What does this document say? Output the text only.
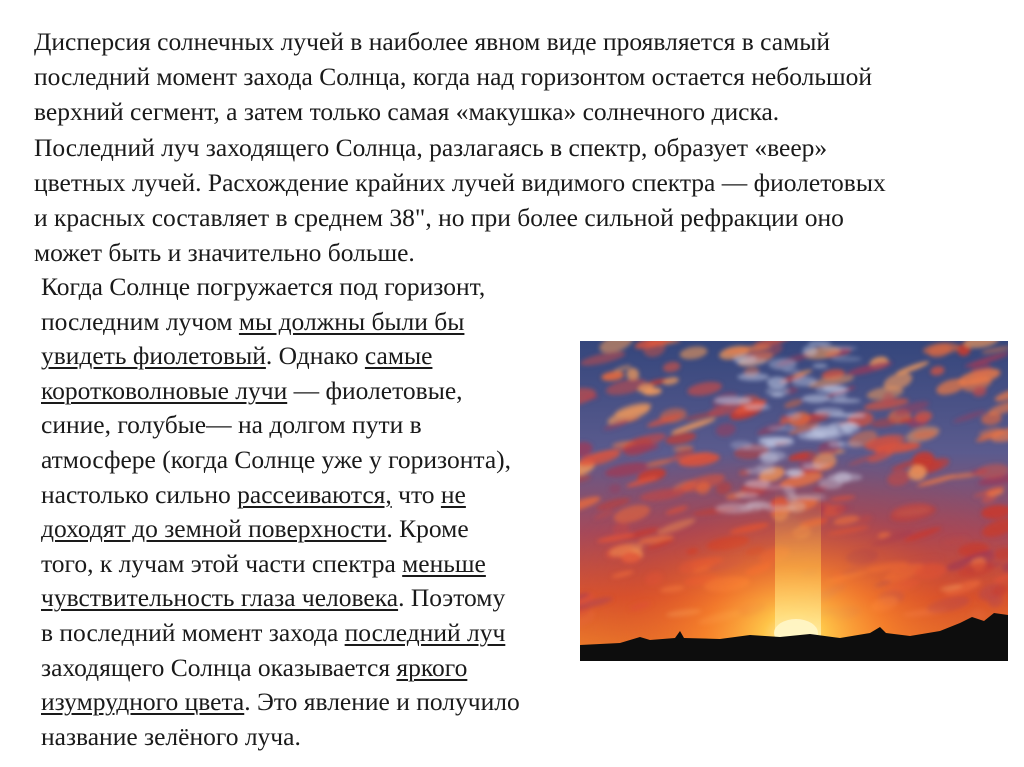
Дисперсия солнечных лучей в наиболее явном виде проявляется в самый
последний момент захода Солнца, когда над горизонтом остается небольшой
верхний сегмент, а затем только самая «макушка» солнечного диска.
Последний луч заходящего Солнца, разлагаясь в спектр, образует «веер»
цветных лучей. Расхождение крайних лучей видимого спектра — фиолетовых
и красных составляет в среднем 38", но при более сильной рефракции оно
может быть и значительно больше.
Когда Солнце погружается под горизонт,
последним лучом мы должны были бы
увидеть фиолетовый. Однако самые
коротковолновые лучи — фиолетовые,
синие, голубые— на долгом пути в
атмосфере (когда Солнце уже у горизонта),
настолько сильно рассеиваются, что не
доходят до земной поверхности. Кроме
того, к лучам этой части спектра меньше
чувствительность глаза человека. Поэтому
в последний момент захода последний луч
заходящего Солнца оказывается яркого
изумрудного цвета. Это явление и получило
название зелёного луча.
